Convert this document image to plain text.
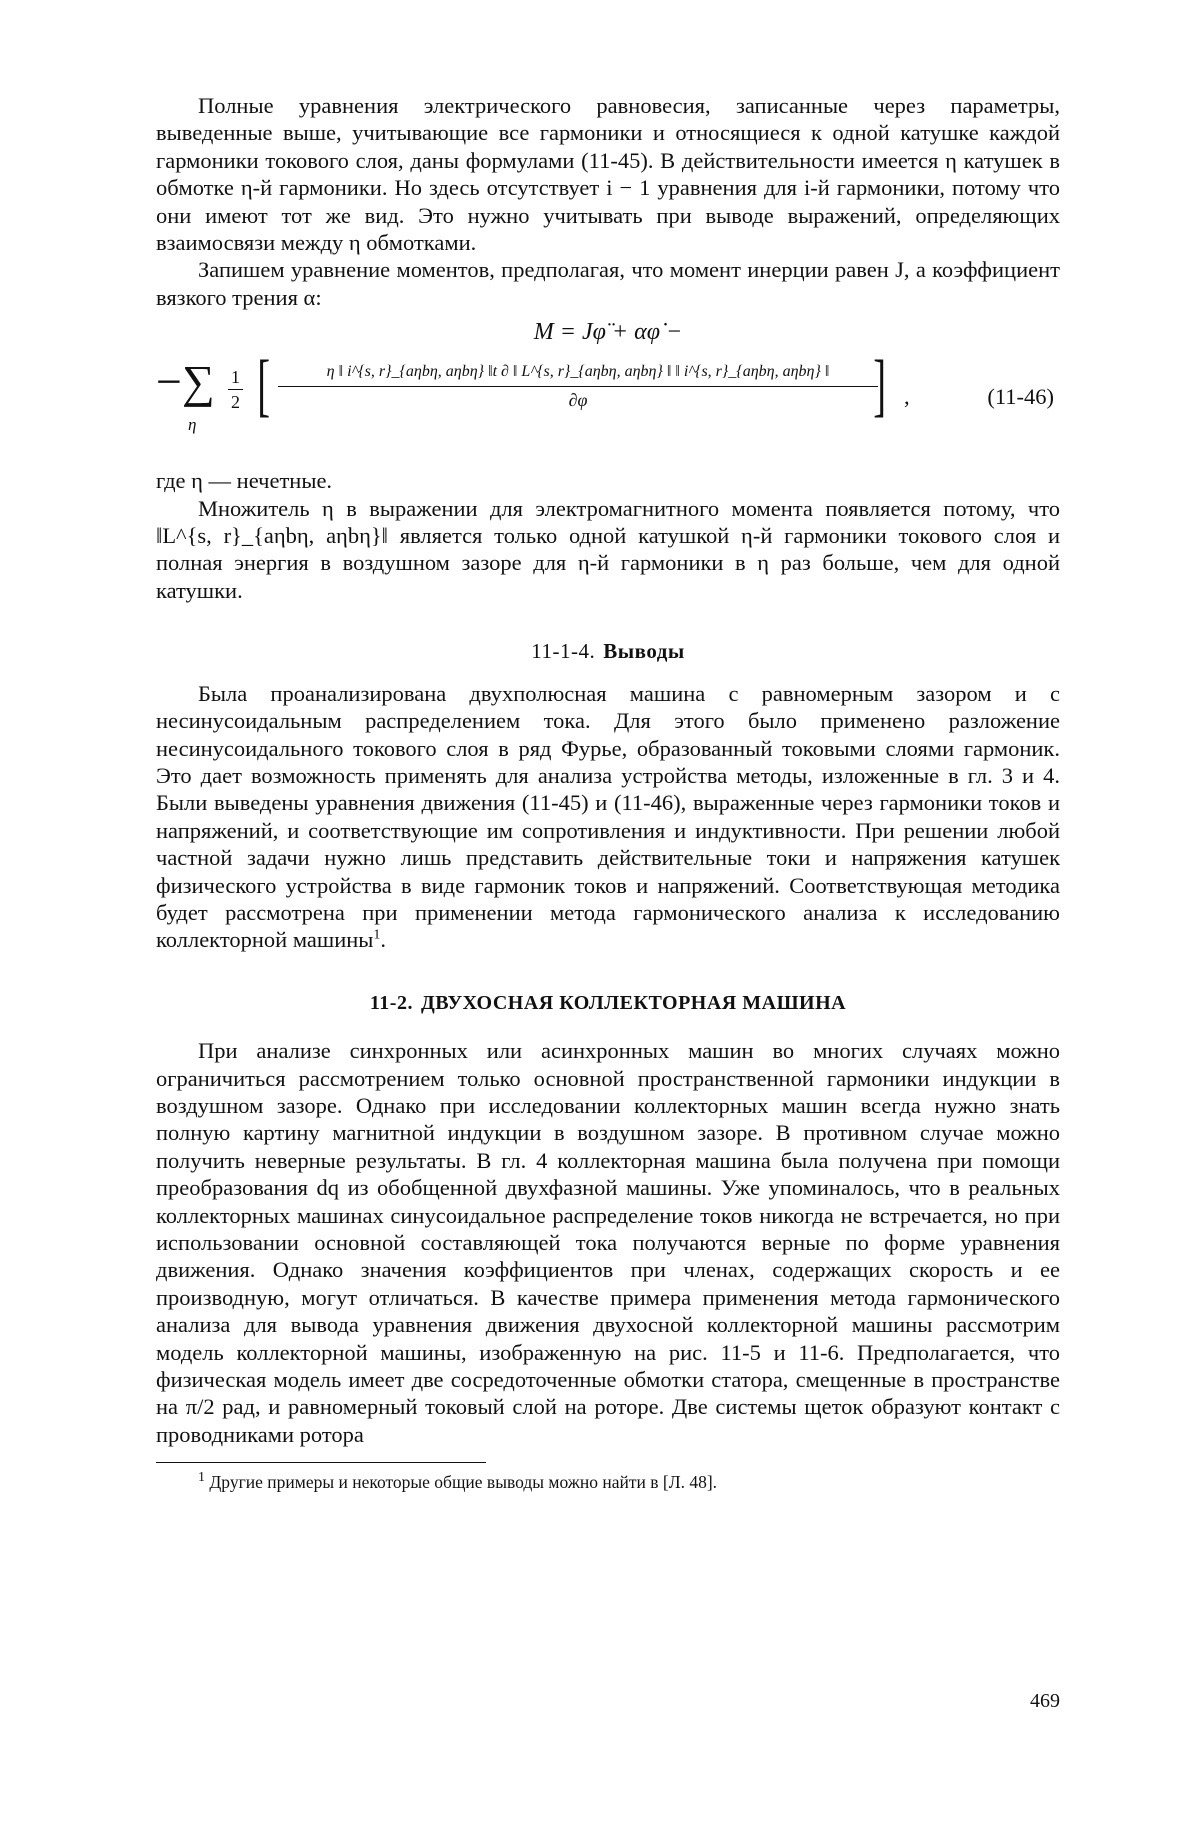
Полные уравнения электрического равновесия, записанные через параметры, выведенные выше, учитывающие все гармоники и относящиеся к одной катушке каждой гармоники токового слоя, даны формулами (11-45). В действительности имеется η катушек в обмотке η-й гармоники. Но здесь отсутствует i − 1 уравнения для i-й гармоники, потому что они имеют тот же вид. Это нужно учитывать при выводе выражений, определяющих взаимосвязи между η обмотками.

Запишем уравнение моментов, предполагая, что момент инерции равен J, а коэффициент вязкого трения α:

M = Jφ̈ + αφ̇ −
−∑
η
$\frac{1}{2}$ [	η ‖ i^{s, r}_{aηbη, aηbη} ‖t ∂ ‖ L^{s, r}_{aηbη, aηbη} ‖ ‖ i^{s, r}_{aηbη, aηbη} ‖
∂φ	] ,	(11-46)

где η — нечетные.

Множитель η в выражении для электромагнитного момента появляется потому, что ‖L^{s, r}_{aηbη, aηbη}‖ является только одной катушкой η-й гармоники токового слоя и полная энергия в воздушном зазоре для η-й гармоники в η раз больше, чем для одной катушки.

11-1-4. Выводы

Была проанализирована двухполюсная машина с равномерным зазором и с несинусоидальным распределением тока. Для этого было применено разложение несинусоидального токового слоя в ряд Фурье, образованный токовыми слоями гармоник. Это дает возможность применять для анализа устройства методы, изложенные в гл. 3 и 4. Были выведены уравнения движения (11-45) и (11-46), выраженные через гармоники токов и напряжений, и соответствующие им сопротивления и индуктивности. При решении любой частной задачи нужно лишь представить действительные токи и напряжения катушек физического устройства в виде гармоник токов и напряжений. Соответствующая методика будет рассмотрена при применении метода гармонического анализа к исследованию коллекторной машины$^1$.

11-2. ДВУХОСНАЯ КОЛЛЕКТОРНАЯ МАШИНА

При анализе синхронных или асинхронных машин во многих случаях можно ограничиться рассмотрением только основной пространственной гармоники индукции в воздушном зазоре. Однако при исследовании коллекторных машин всегда нужно знать полную картину магнитной индукции в воздушном зазоре. В противном случае можно получить неверные результаты. В гл. 4 коллекторная машина была получена при помощи преобразования dq из обобщенной двухфазной машины. Уже упоминалось, что в реальных коллекторных машинах синусоидальное распределение токов никогда не встречается, но при использовании основной составляющей тока получаются верные по форме уравнения движения. Однако значения коэффициентов при членах, содержащих скорость и ее производную, могут отличаться. В качестве примера применения метода гармонического анализа для вывода уравнения движения двухосной коллекторной машины рассмотрим модель коллекторной машины, изображенную на рис. 11-5 и 11-6. Предполагается, что физическая модель имеет две сосредоточенные обмотки статора, смещенные в пространстве на π/2 рад, и равномерный токовый слой на роторе. Две системы щеток образуют контакт с проводниками ротора

$^1$ Другие примеры и некоторые общие выводы можно найти в [Л. 48].

469
